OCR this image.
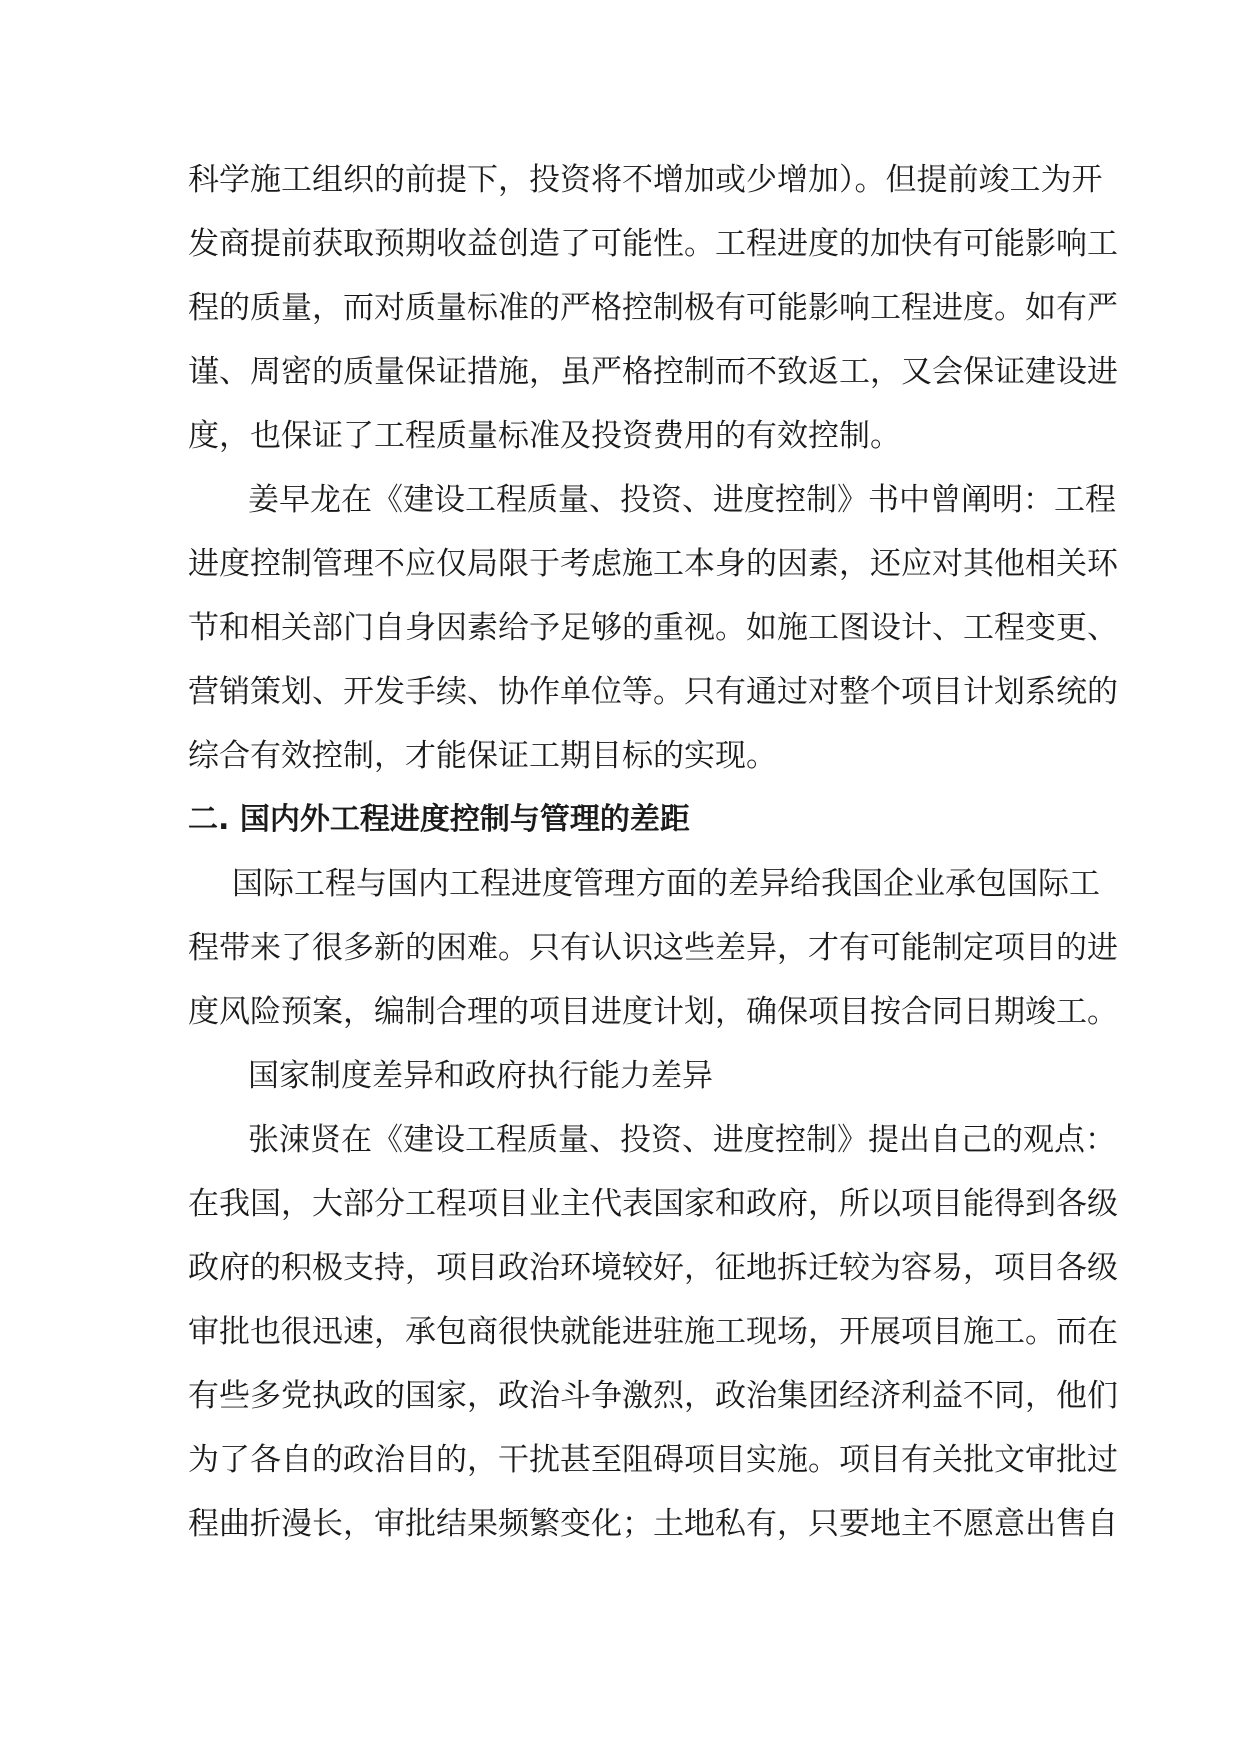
科学施工组织的前提下，投资将不增加或少增加）。但提前竣工为开
发商提前获取预期收益创造了可能性。工程进度的加快有可能影响工
程的质量，而对质量标准的严格控制极有可能影响工程进度。如有严
谨、周密的质量保证措施，虽严格控制而不致返工，又会保证建设进
度，也保证了工程质量标准及投资费用的有效控制。
姜早龙在《建设工程质量、投资、进度控制》书中曾阐明：工程
进度控制管理不应仅局限于考虑施工本身的因素，还应对其他相关环
节和相关部门自身因素给予足够的重视。如施工图设计、工程变更、
营销策划、开发手续、协作单位等。只有通过对整个项目计划系统的
综合有效控制，才能保证工期目标的实现。
二. 国内外工程进度控制与管理的差距
国际工程与国内工程进度管理方面的差异给我国企业承包国际工
程带来了很多新的困难。只有认识这些差异，才有可能制定项目的进
度风险预案，编制合理的项目进度计划，确保项目按合同日期竣工。
国家制度差异和政府执行能力差异
张涑贤在《建设工程质量、投资、进度控制》提出自己的观点：
在我国，大部分工程项目业主代表国家和政府，所以项目能得到各级
政府的积极支持，项目政治环境较好，征地拆迁较为容易，项目各级
审批也很迅速，承包商很快就能进驻施工现场，开展项目施工。而在
有些多党执政的国家，政治斗争激烈，政治集团经济利益不同，他们
为了各自的政治目的，干扰甚至阻碍项目实施。项目有关批文审批过
程曲折漫长，审批结果频繁变化；土地私有，只要地主不愿意出售自
